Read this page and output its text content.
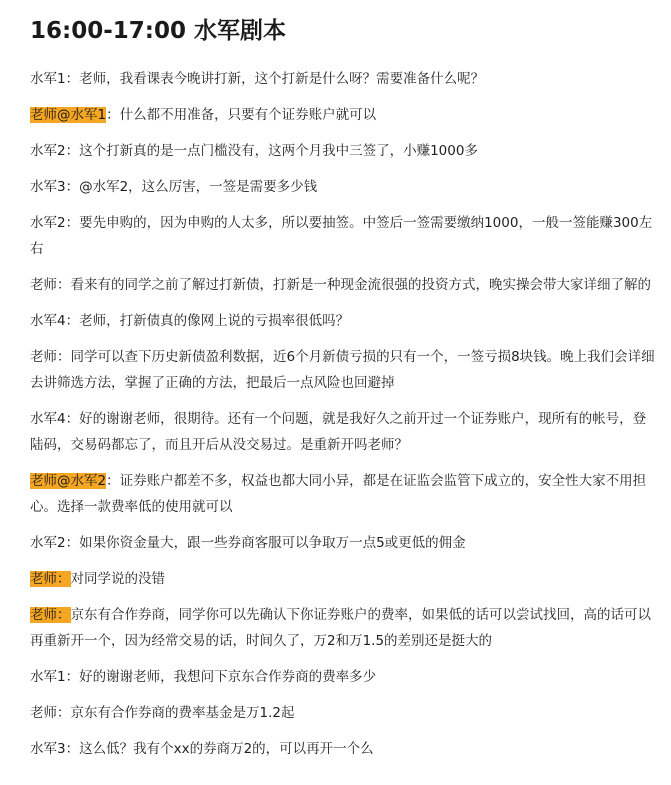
16:00-17:00 水军剧本

水军1：老师，我看课表今晚讲打新，这个打新是什么呀？需要准备什么呢？

老师@水军1：什么都不用准备，只要有个证券账户就可以

水军2：这个打新真的是一点门槛没有，这两个月我中三签了，小赚1000多

水军3：@水军2，这么厉害，一签是需要多少钱

水军2：要先申购的，因为申购的人太多，所以要抽签。中签后一签需要缴纳1000，一般一签能赚300左右

老师：看来有的同学之前了解过打新债，打新是一种现金流很强的投资方式，晚实操会带大家详细了解的

水军4：老师，打新债真的像网上说的亏损率很低吗？

老师：同学可以查下历史新债盈利数据，近6个月新债亏损的只有一个，一签亏损8块钱。晚上我们会详细去讲筛选方法，掌握了正确的方法，把最后一点风险也回避掉

水军4：好的谢谢老师，很期待。还有一个问题，就是我好久之前开过一个证券账户，现所有的帐号，登陆码，交易码都忘了，而且开后从没交易过。是重新开吗老师？

老师@水军2：证券账户都差不多，权益也都大同小异，都是在证监会监管下成立的，安全性大家不用担心。选择一款费率低的使用就可以

水军2：如果你资金量大，跟一些券商客服可以争取万一点5或更低的佣金

老师：对同学说的没错

老师：京东有合作券商，同学你可以先确认下你证券账户的费率，如果低的话可以尝试找回，高的话可以再重新开一个，因为经常交易的话，时间久了，万2和万1.5的差别还是挺大的

水军1：好的谢谢老师，我想问下京东合作券商的费率多少

老师：京东有合作券商的费率基金是万1.2起

水军3：这么低？我有个xx的券商万2的，可以再开一个么
